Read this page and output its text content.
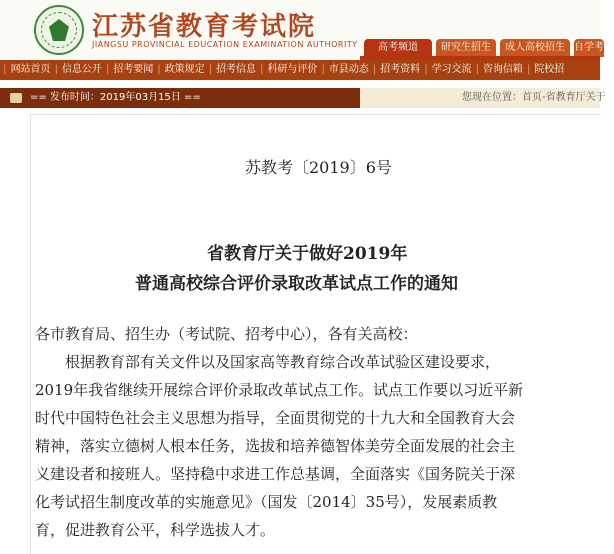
江苏省教育考试院
JIANGSU PROVINCIAL EDUCATION EXAMINATION AUTHORITY	高考频道	研究生招生	成人高校招生 自学考试
| 网站首页 | 信息公开 | 招考要闻 | 政策规定 | 招考信息 | 科研与评价 | 市县动态 | 招考资料 | 学习交流 | 咨询信箱 | 院校招
== 发布时间：2019年03月15日 ==	您现在位置：首页-省教育厅关于
苏教考〔2019〕6号
省教育厅关于做好2019年
普通高校综合评价录取改革试点工作的通知
各市教育局、招生办（考试院、招考中心），各有关高校：
根据教育部有关文件以及国家高等教育综合改革试验区建设要求，
2019年我省继续开展综合评价录取改革试点工作。试点工作要以习近平新
时代中国特色社会主义思想为指导，全面贯彻党的十九大和全国教育大会
精神，落实立德树人根本任务，选拔和培养德智体美劳全面发展的社会主
义建设者和接班人。坚持稳中求进工作总基调，全面落实《国务院关于深
化考试招生制度改革的实施意见》（国发〔2014〕35号），发展素质教
育，促进教育公平，科学选拔人才。
